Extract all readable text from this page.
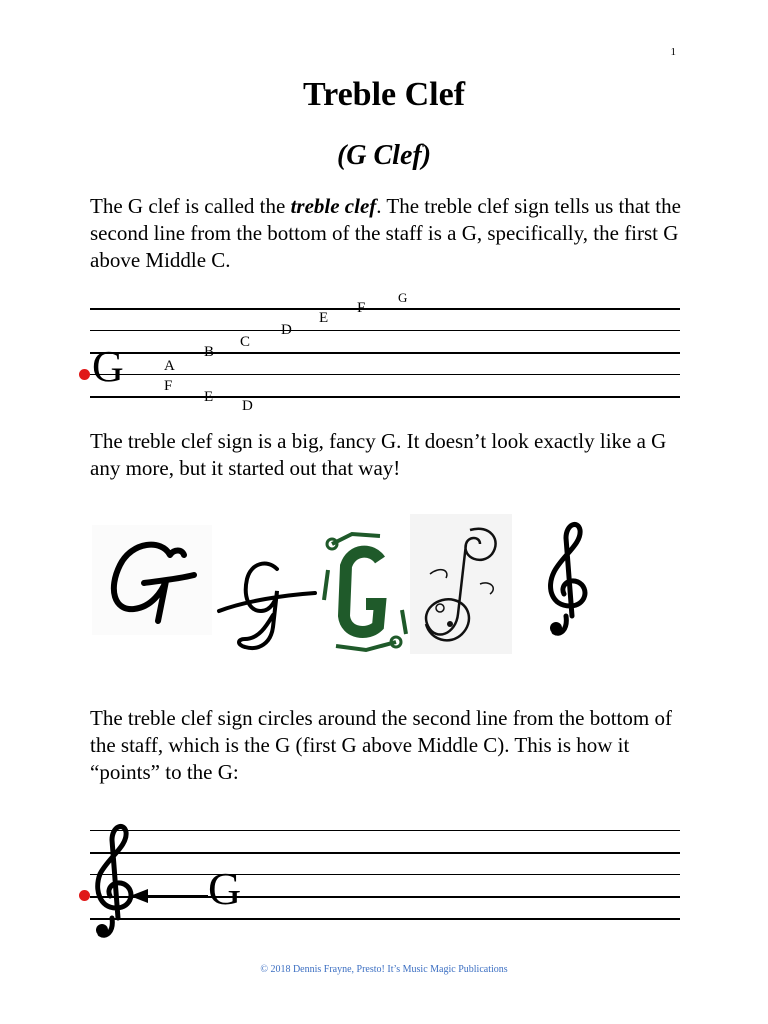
1
Treble Clef
(G Clef)
The G clef is called the treble clef. The treble clef sign tells us that the second line from the bottom of the staff is a G, specifically, the first G above Middle C.
G	F
A
E
B
D
C
D
E
F
G
The treble clef sign is a big, fancy G. It doesn’t look exactly like a G any more, but it started out that way!
The treble clef sign circles around the second line from the bottom of the staff, which is the G (first G above Middle C). This is how it “points” to the G:
G
© 2018 Dennis Frayne, Presto! It’s Music Magic Publications
